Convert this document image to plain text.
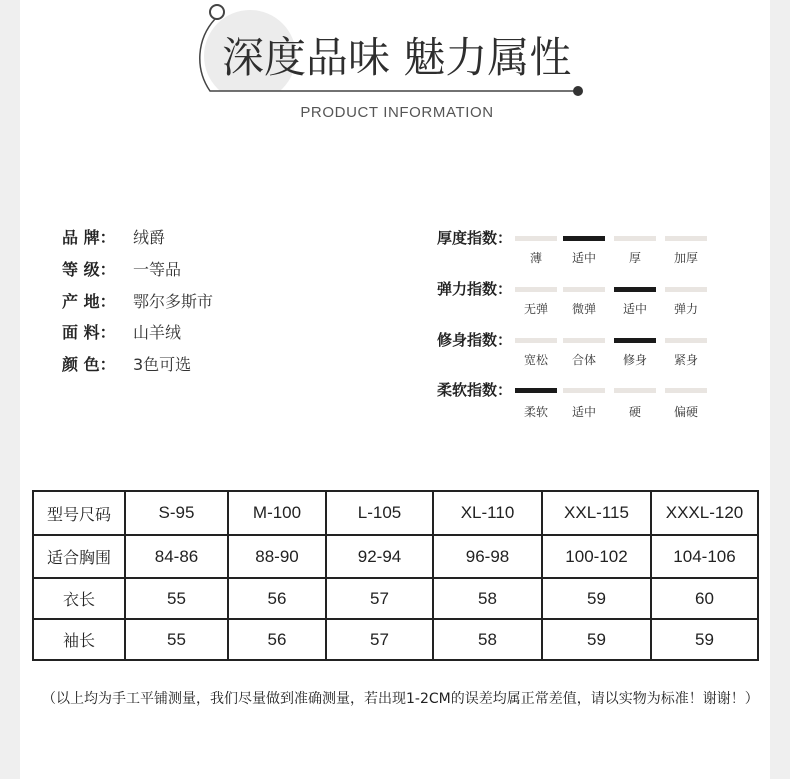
深度品味 魅力属性
PRODUCT INFORMATION
品 牌： 绒爵
等 级： 一等品
产 地： 鄂尔多斯市
面 料： 山羊绒
颜 色： 3色可选
厚度指数：
薄	适中	厚	加厚
弹力指数：
无弹	微弹	适中	弹力
修身指数：
宽松	合体	修身	紧身
柔软指数：
柔软	适中	硬	偏硬
型号尺码	S-95	M-100	L-105	XL-110	XXL-115	XXXL-120
适合胸围	84-86	88-90	92-94	96-98	100-102	104-106
衣长	55	56	57	58	59	60
袖长	55	56	57	58	59	59
（以上均为手工平铺测量，我们尽量做到准确测量，若出现1-2CM的误差均属正常差值，请以实物为标准！谢谢！）
